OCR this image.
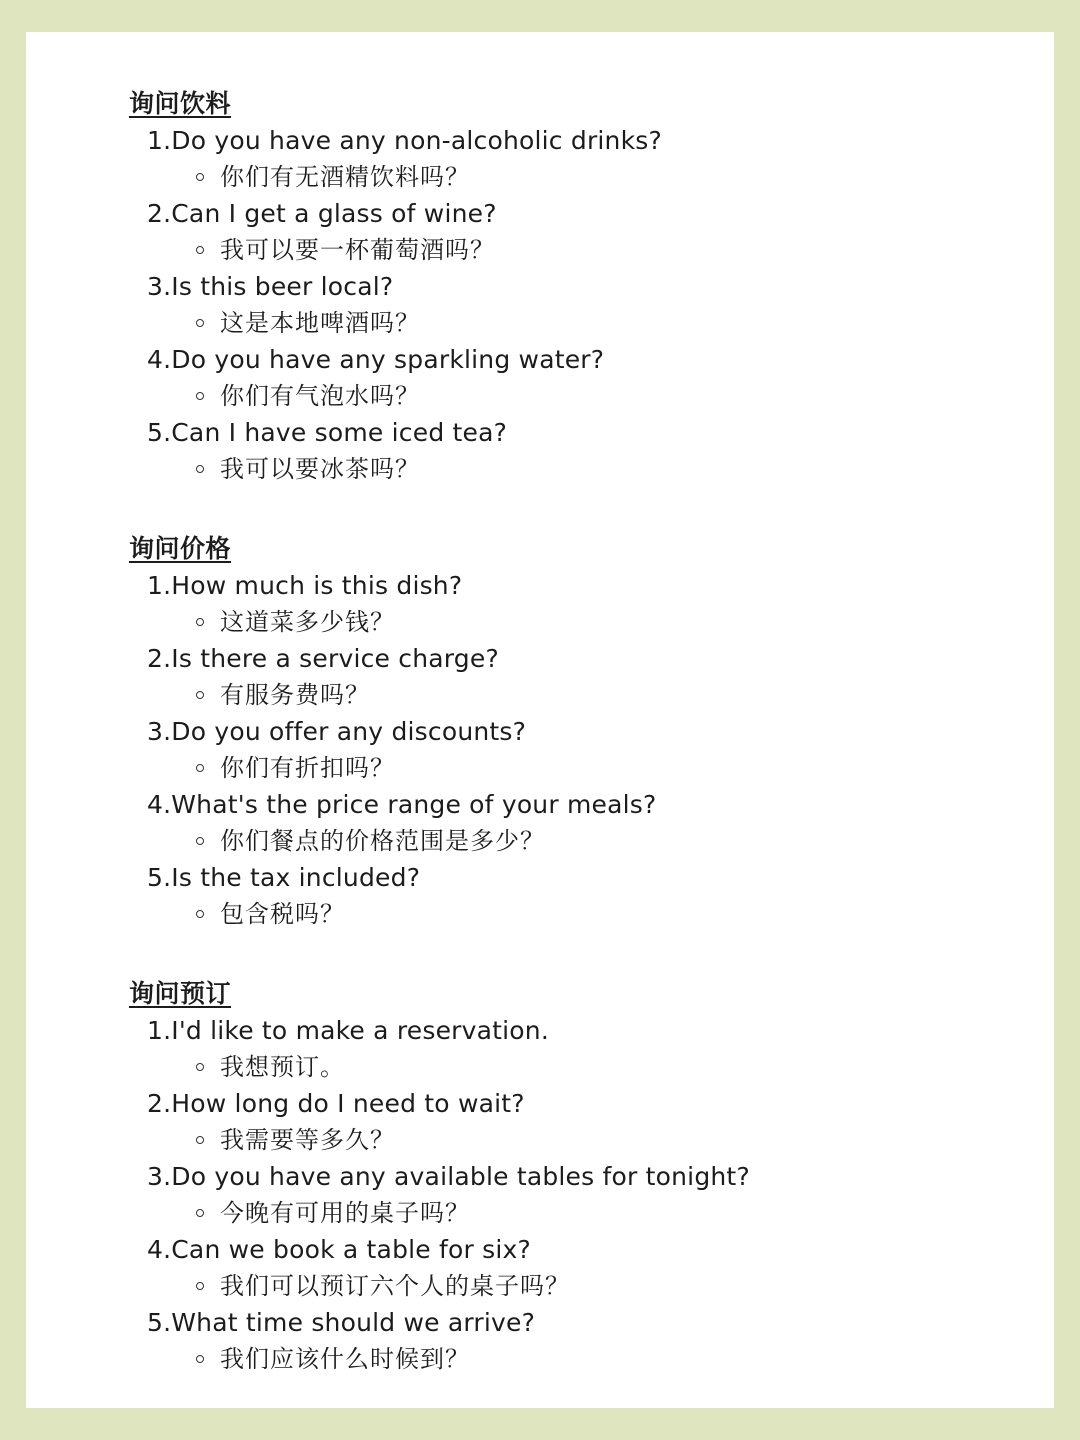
询问饮料
1.Do you have any non-alcoholic drinks?
你们有无酒精饮料吗？
2.Can I get a glass of wine?
我可以要一杯葡萄酒吗？
3.Is this beer local?
这是本地啤酒吗？
4.Do you have any sparkling water?
你们有气泡水吗？
5.Can I have some iced tea?
我可以要冰茶吗？
询问价格
1.How much is this dish?
这道菜多少钱？
2.Is there a service charge?
有服务费吗？
3.Do you offer any discounts?
你们有折扣吗？
4.What's the price range of your meals?
你们餐点的价格范围是多少？
5.Is the tax included?
包含税吗？
询问预订
1.I'd like to make a reservation.
我想预订。
2.How long do I need to wait?
我需要等多久？
3.Do you have any available tables for tonight?
今晚有可用的桌子吗？
4.Can we book a table for six?
我们可以预订六个人的桌子吗？
5.What time should we arrive?
我们应该什么时候到？
